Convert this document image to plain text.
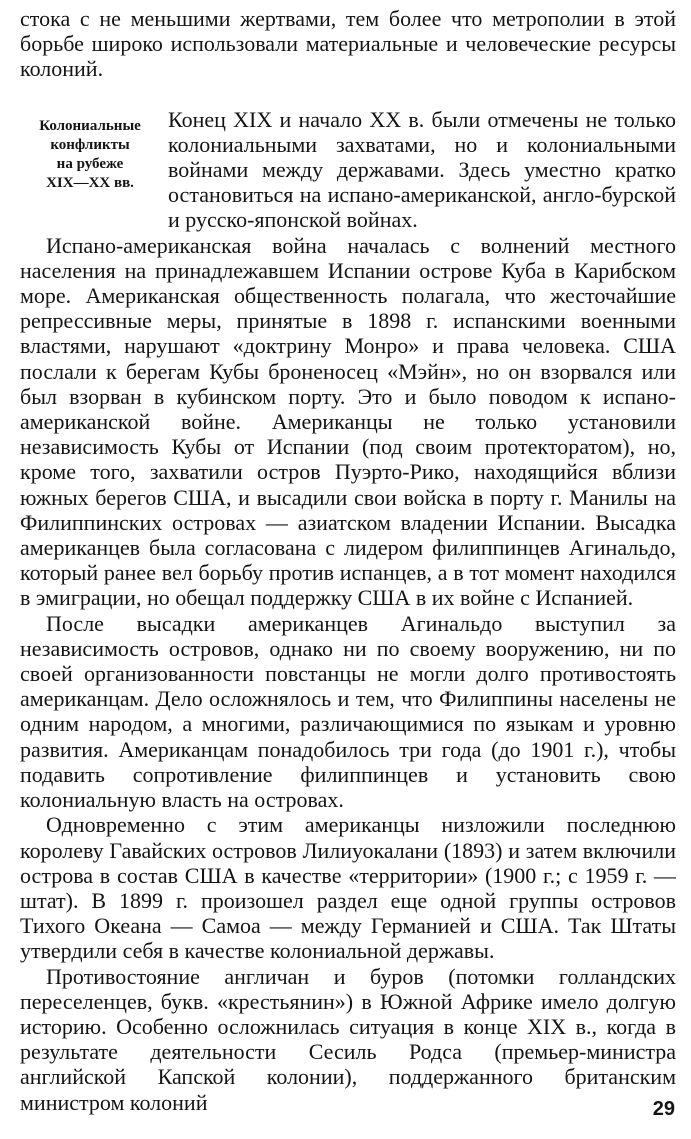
стока с не меньшими жертвами, тем более что метрополии в этой борьбе широко использовали материальные и человеческие ресурсы колоний.

Колониальные
конфликты
на рубеже
XIX—XX вв.

Конец XIX и начало XX в. были отмечены не только колониальными захватами, но и колониальными войнами между державами. Здесь уместно кратко остановиться на испано-американской, англо-бурской и русско-японской войнах.

Испано-американская война началась с волнений местного населения на принадлежавшем Испании острове Куба в Карибском море. Американская общественность полагала, что жесточайшие репрессивные меры, принятые в 1898 г. испанскими военными властями, нарушают «доктрину Монро» и права человека. США послали к берегам Кубы броненосец «Мэйн», но он взорвался или был взорван в кубинском порту. Это и было поводом к испано-американской войне. Американцы не только установили независимость Кубы от Испании (под своим протекторатом), но, кроме того, захватили остров Пуэрто-Рико, находящийся вблизи южных берегов США, и высадили свои войска в порту г. Манилы на Филиппинских островах — азиатском владении Испании. Высадка американцев была согласована с лидером филиппинцев Агинальдо, который ранее вел борьбу против испанцев, а в тот момент находился в эмиграции, но обещал поддержку США в их войне с Испанией.

После высадки американцев Агинальдо выступил за независимость островов, однако ни по своему вооружению, ни по своей организованности повстанцы не могли долго противостоять американцам. Дело осложнялось и тем, что Филиппины населены не одним народом, а многими, различающимися по языкам и уровню развития. Американцам понадобилось три года (до 1901 г.), чтобы подавить сопротивление филиппинцев и установить свою колониальную власть на островах.

Одновременно с этим американцы низложили последнюю королеву Гавайских островов Лилиуокалани (1893) и затем включили острова в состав США в качестве «территории» (1900 г.; с 1959 г. — штат). В 1899 г. произошел раздел еще одной группы островов Тихого Океана — Самоа — между Германией и США. Так Штаты утвердили себя в качестве колониальной державы.

Противостояние англичан и буров (потомки голландских переселенцев, букв. «крестьянин») в Южной Африке имело долгую историю. Особенно осложнилась ситуация в конце XIX в., когда в результате деятельности Сесиль Родса (премьер-министра английской Капской колонии), поддержанного британским министром колоний	29
